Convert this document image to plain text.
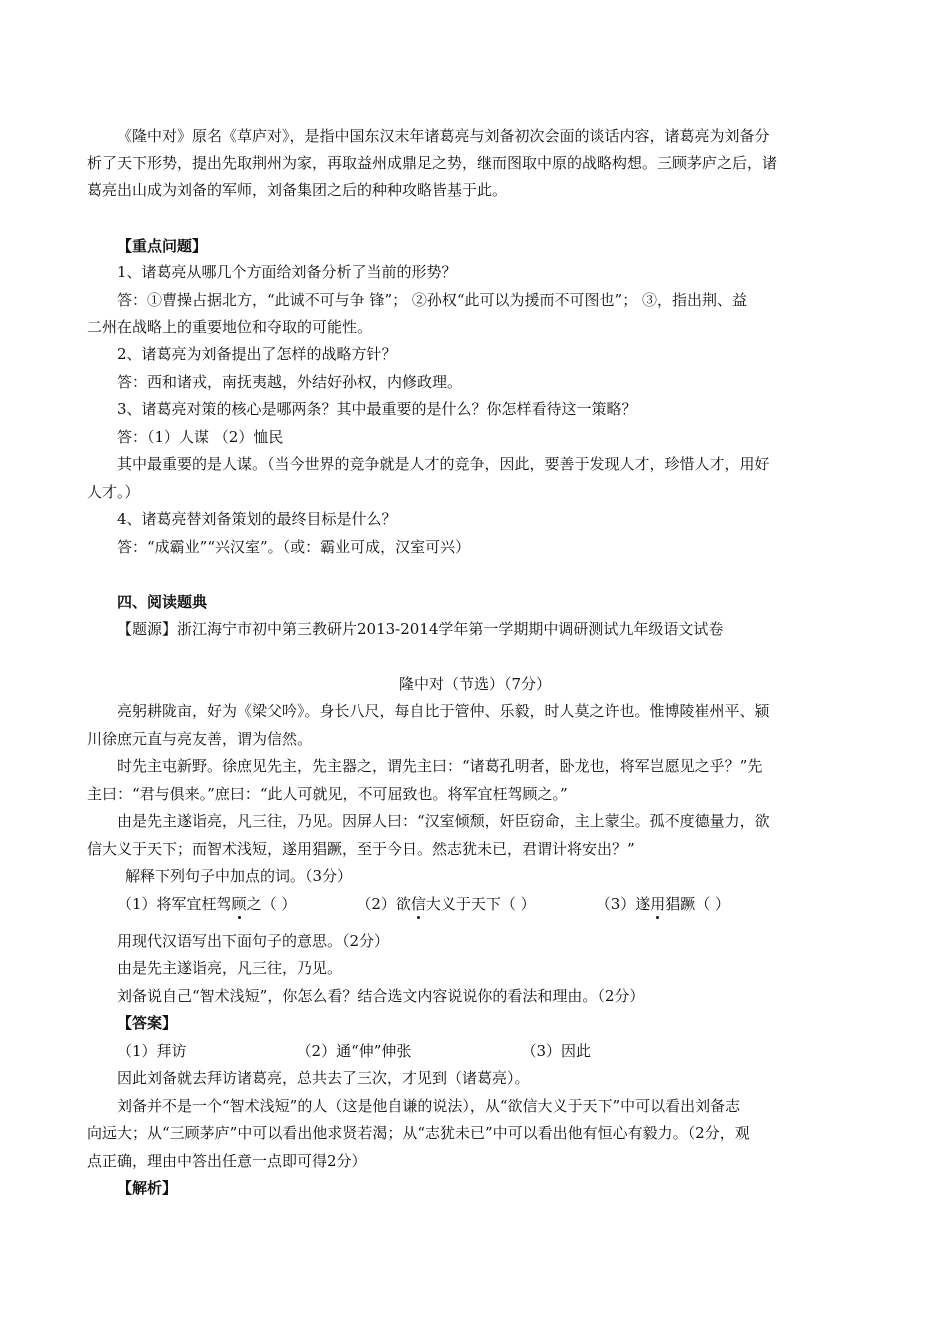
《隆中对》原名《草庐对》，是指中国东汉末年诸葛亮与刘备初次会面的谈话内容，诸葛亮为刘备分
析了天下形势，提出先取荆州为家，再取益州成鼎足之势，继而图取中原的战略构想。三顾茅庐之后，诸
葛亮出山成为刘备的军师，刘备集团之后的种种攻略皆基于此。
【重点问题】
1、诸葛亮从哪几个方面给刘备分析了当前的形势？
答：①曹操占据北方，“此诚不可与争 锋”； ②孙权“此可以为援而不可图也”； ③，指出荆、益
二州在战略上的重要地位和夺取的可能性。
2、诸葛亮为刘备提出了怎样的战略方针？
答：西和诸戎，南抚夷越，外结好孙权，内修政理。
3、诸葛亮对策的核心是哪两条？其中最重要的是什么？你怎样看待这一策略？
答：（1）人谋 （2）恤民
其中最重要的是人谋。（当今世界的竞争就是人才的竞争，因此，要善于发现人才，珍惜人才，用好
人才。）
4、诸葛亮替刘备策划的最终目标是什么？
答：“成霸业”“兴汉室”。（或：霸业可成，汉室可兴）
四、阅读题典
【题源】浙江海宁市初中第三教研片2013-2014学年第一学期期中调研测试九年级语文试卷
隆中对（节选）（7分）
亮躬耕陇亩，好为《梁父吟》。身长八尺，每自比于管仲、乐毅，时人莫之许也。惟博陵崔州平、颍
川徐庶元直与亮友善，谓为信然。
时先主屯新野。徐庶见先主，先主器之，谓先主曰：“诸葛孔明者，卧龙也，将军岂愿见之乎？”先
主曰：“君与俱来。”庶曰：“此人可就见，不可屈致也。将军宜枉驾顾之。”
由是先主遂诣亮，凡三往，乃见。因屏人曰：“汉室倾颓，奸臣窃命，主上蒙尘。孤不度德量力，欲
信大义于天下；而智术浅短，遂用猖蹶，至于今日。然志犹未已，君谓计将安出？”
解释下列句子中加点的词。（3分）
（1）将军宜枉驾顾之（ ）	（2）欲信大义于天下（ ）	（3）遂用猖蹶（ ）
用现代汉语写出下面句子的意思。（2分）
由是先主遂诣亮，凡三往，乃见。
刘备说自己“智术浅短”，你怎么看？结合选文内容说说你的看法和理由。（2分）
【答案】
（1）拜访	（2）通“伸”伸张	（3）因此
因此刘备就去拜访诸葛亮，总共去了三次，才见到（诸葛亮）。
刘备并不是一个“智术浅短”的人（这是他自谦的说法），从“欲信大义于天下”中可以看出刘备志
向远大；从“三顾茅庐”中可以看出他求贤若渴；从“志犹未已”中可以看出他有恒心有毅力。（2分，观
点正确，理由中答出任意一点即可得2分）
【解析】
